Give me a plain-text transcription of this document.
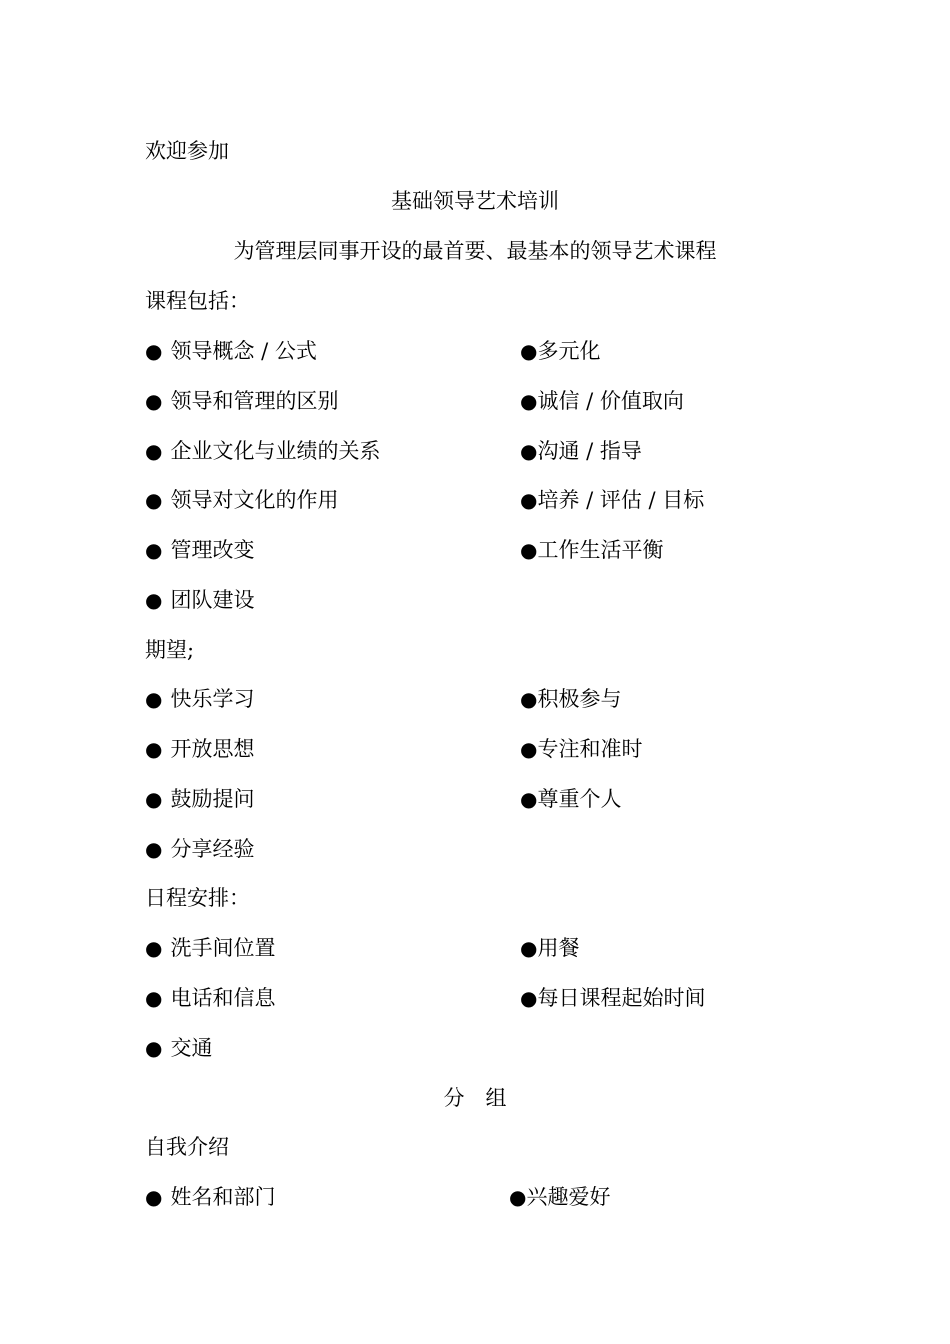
欢迎参加
基础领导艺术培训
为管理层同事开设的最首要、最基本的领导艺术课程
课程包括：
● 领导概念 / 公式	●多元化
● 领导和管理的区别	●诚信 / 价值取向
● 企业文化与业绩的关系	●沟通 / 指导
● 领导对文化的作用	●培养 / 评估 / 目标
● 管理改变	●工作生活平衡
● 团队建设
期望;
● 快乐学习	●积极参与
● 开放思想	●专注和准时
● 鼓励提问	●尊重个人
● 分享经验
日程安排：
● 洗手间位置	●用餐
● 电话和信息	●每日课程起始时间
● 交通
分　组
自我介绍
● 姓名和部门	●兴趣爱好
